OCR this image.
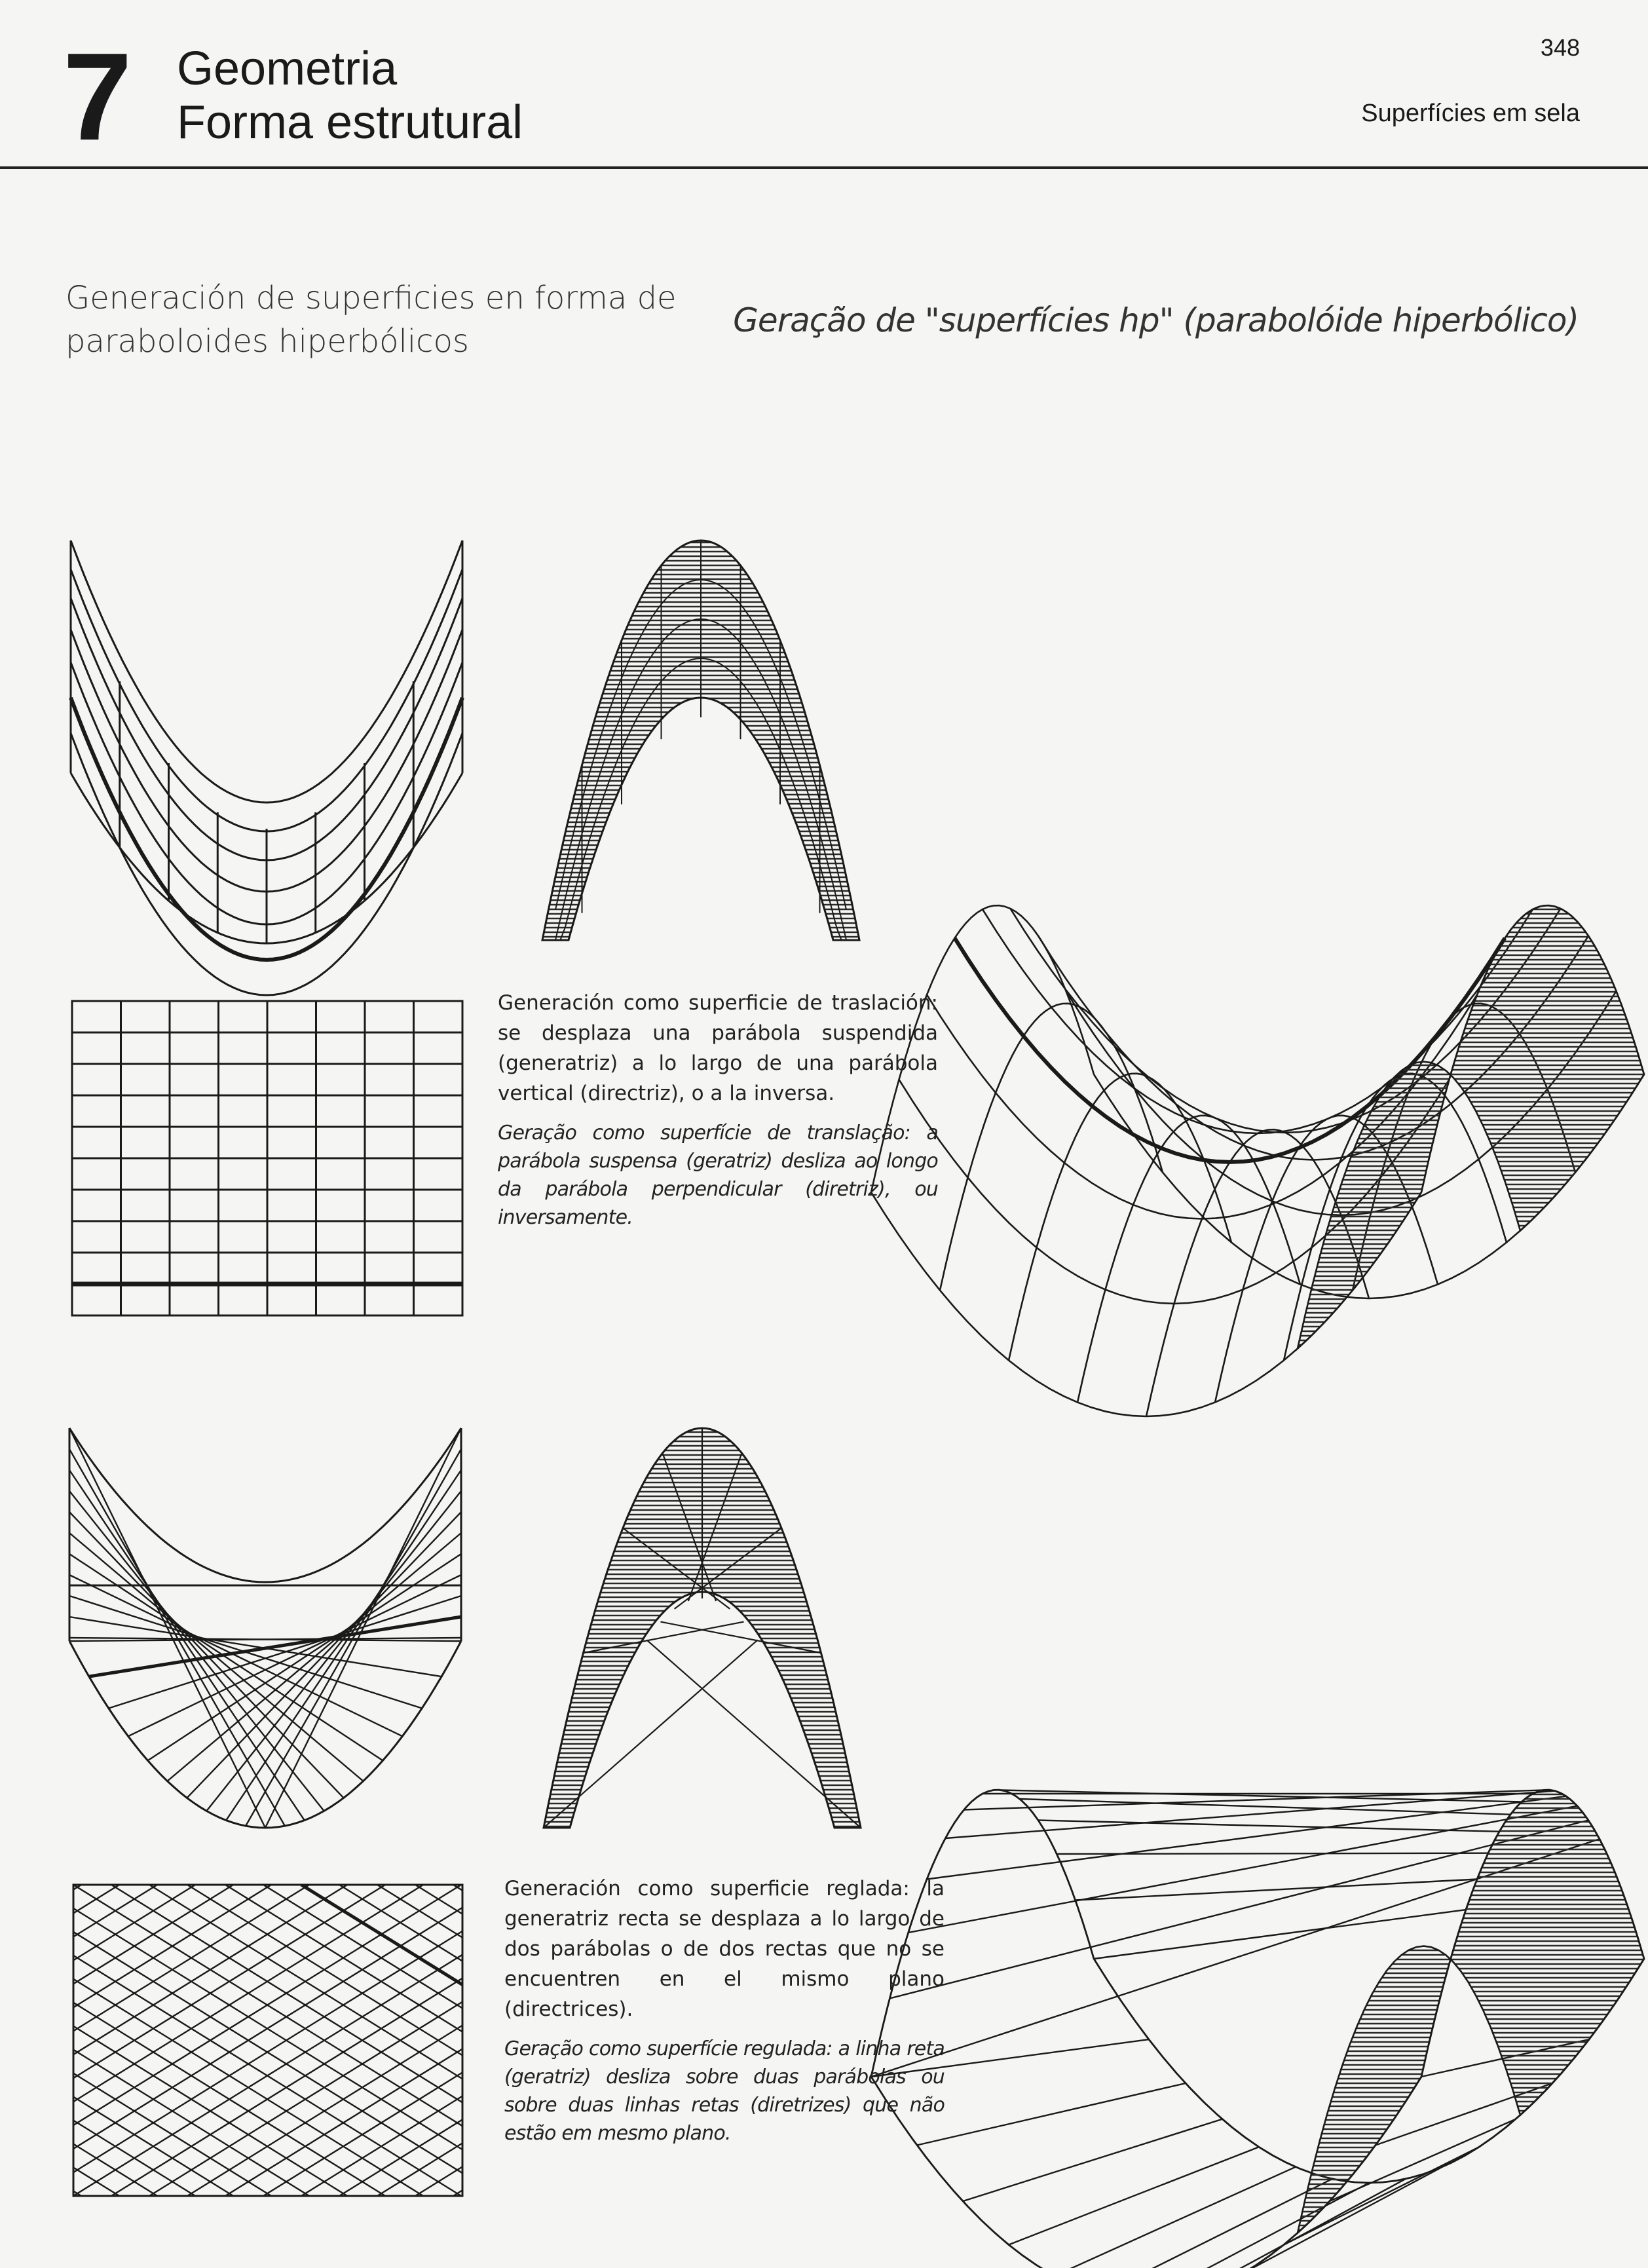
7 Geometria
Forma estrutural
348
Superfícies em sela
Generación de superficies en forma de paraboloides hiperbólicos
Geração de "superfícies hp" (parabolóide hiperbólico)
Generación como superficie de traslación: se desplaza una parábola suspendida (generatriz) a lo largo de una parábola vertical (directriz), o a la inversa.
Geração como superfície de translação: a parábola suspensa (geratriz) desliza ao longo da parábola perpendicular (diretriz), ou inversamente.
Generación como superficie reglada: la generatriz recta se desplaza a lo largo de dos parábolas o de dos rectas que no se encuentren en el mismo plano (directrices).
Geração como superfície regulada: a linha reta (geratriz) desliza sobre duas parábolas ou sobre duas linhas retas (diretrizes) que não estão em mesmo plano.
